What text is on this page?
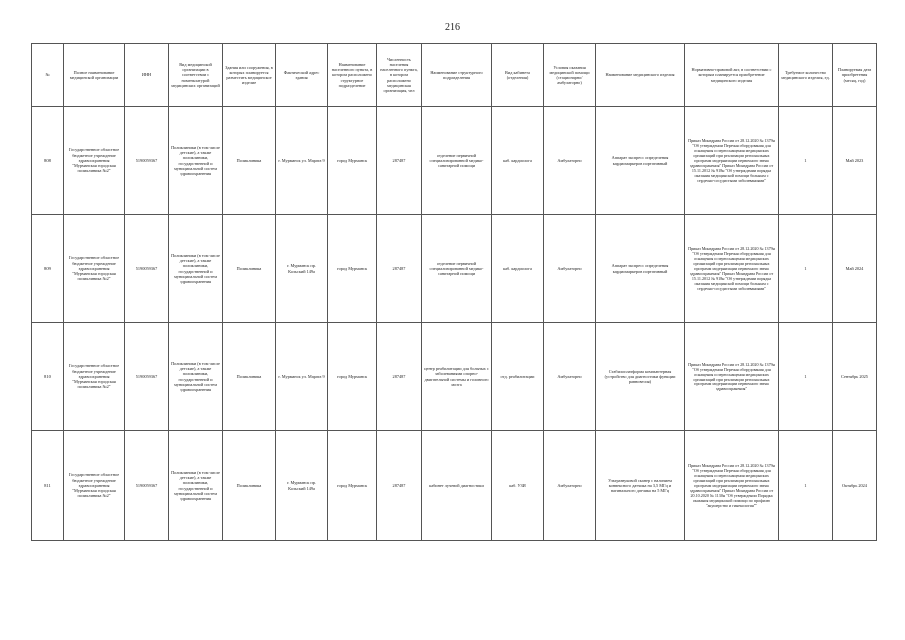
216
№	Полное наименование медицинской организации	ИНН	Вид медицинской организации в соответствии с номенклатурой медицинских организаций	Здания или сооружения, в которых планируется разместить медицинское изделие	Фактический адрес здания	Наименование населенного пункта, в котором расположено структурное подразделение	Численность населения населенного пункта, в котором расположено медицинская организация, чел	Наименование структурного подразделения	Вид кабинета (отделения)	Условия оказания медицинской помощи (стационарно/ амбулаторно)	Наименование медицинского изделия	Нормативно-правовой акт, в соответствии с которым планируется приобретение медицинского изделия	Требуемое количество медицинского изделия, ед.	Планируемая дата приобретения (месяц, год)
808	Государственное областное бюджетное учреждение здравоохранения "Мурманская городская поликлиника №2"	5190059367	Поликлиники (в том числе детские), а также поликлиники, государственной и муниципальной систем здравоохранения	Поликлиника	г. Мурманск ул. Марата 9	город Мурманск	287487	отделение первичной специализированной медико-санитарной помощи	каб. кардиолога	Амбулаторно	Аппарат экспресс определения кардиомаркеров портативный	Приказ Минздрава России от 28.12.2020 № 1379н "Об утверждении Перечня оборудования для оснащения и переоснащения медицинских организаций при реализации региональных программ модернизации первичного звена здравоохранения" Приказ Минздрава России от 15.11.2012 № 918н "Об утверждении порядка оказания медицинской помощи больным с сердечно-сосудистыми заболеваниями"	1	Май 2023
809	Государственное областное бюджетное учреждение здравоохранения "Мурманская городская поликлиника №2"	5190059367	Поликлиники (в том числе детские), а также поликлиники, государственной и муниципальной систем здравоохранения	Поликлиника	г. Мурманск пр. Кольский 149а	город Мурманск	287487	отделение первичной специализированной медико-санитарной помощи	каб. кардиолога	Амбулаторно	Аппарат экспресс определения кардиомаркеров портативный	Приказ Минздрава России от 28.12.2020 № 1379н "Об утверждении Перечня оборудования для оснащения и переоснащения медицинских организаций при реализации региональных программ модернизации первичного звена здравоохранения" Приказ Минздрава России от 15.11.2012 № 918н "Об утверждении порядка оказания медицинской помощи больным с сердечно-сосудистыми заболеваниями"	1	Май 2024
810	Государственное областное бюджетное учреждение здравоохранения "Мурманская городская поликлиника №2"	5190059367	Поликлиники (в том числе детские), а также поликлиники, государственной и муниципальной систем здравоохранения	Поликлиника	г. Мурманск ул. Марата 9	город Мурманск	287487	центр реабилитации для больных с заболеваниями опорно-двигательной системы и головного мозга	отд. реабилитации	Амбулаторно	Стабилоплатформа компьютерная (устройство для диагностики функции равновесия)	Приказ Минздрава России от 28.12.2020 № 1379н "Об утверждении Перечня оборудования для оснащения и переоснащения медицинских организаций при реализации региональных программ модернизации первичного звена здравоохранения"	1	Сентябрь 2025
811	Государственное областное бюджетное учреждение здравоохранения "Мурманская городская поликлиника №2"	5190059367	Поликлиники (в том числе детские), а также поликлиники, государственной и муниципальной систем здравоохранения	Поликлиника	г. Мурманск пр. Кольский 149а	город Мурманск	287487	кабинет лучевой диагностики	каб. УЗИ	Амбулаторно	Ультразвуковой сканер с наличием конвексного датчика на 3,5 МГц и вагинального датчика на 5 МГц	Приказ Минздрава России от 28.12.2020 № 1379н "Об утверждении Перечня оборудования для оснащения и переоснащения медицинских организаций при реализации региональных программ модернизации первичного звена здравоохранения" Приказ Минздрава России от 20.10.2020 № 1130н "Об утверждении Порядка оказания медицинской помощи по профилю "акушерство и гинекология""	1	Октябрь 2024
